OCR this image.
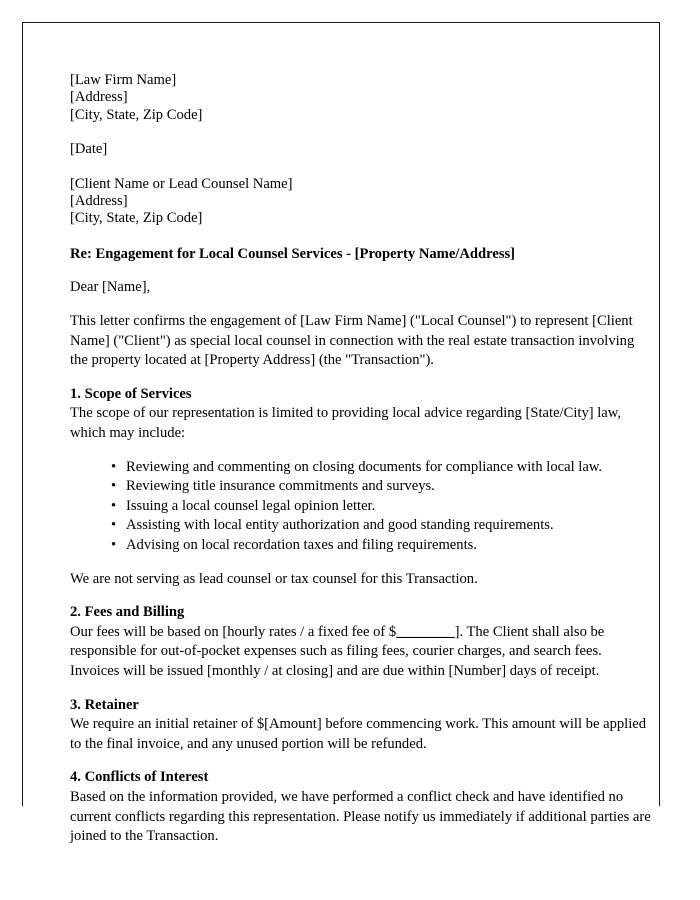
[Law Firm Name]
[Address]
[City, State, Zip Code]
[Date]
[Client Name or Lead Counsel Name]
[Address]
[City, State, Zip Code]
Re: Engagement for Local Counsel Services - [Property Name/Address]
Dear [Name],
This letter confirms the engagement of [Law Firm Name] ("Local Counsel") to represent [Client Name] ("Client") as special local counsel in connection with the real estate transaction involving the property located at [Property Address] (the "Transaction").
1. Scope of Services
The scope of our representation is limited to providing local advice regarding [State/City] law, which may include:
• Reviewing and commenting on closing documents for compliance with local law.
• Reviewing title insurance commitments and surveys.
• Issuing a local counsel legal opinion letter.
• Assisting with local entity authorization and good standing requirements.
• Advising on local recordation taxes and filing requirements.
We are not serving as lead counsel or tax counsel for this Transaction.
2. Fees and Billing
Our fees will be based on [hourly rates / a fixed fee of $________]. The Client shall also be responsible for out-of-pocket expenses such as filing fees, courier charges, and search fees. Invoices will be issued [monthly / at closing] and are due within [Number] days of receipt.
3. Retainer
We require an initial retainer of $[Amount] before commencing work. This amount will be applied to the final invoice, and any unused portion will be refunded.
4. Conflicts of Interest
Based on the information provided, we have performed a conflict check and have identified no current conflicts regarding this representation. Please notify us immediately if additional parties are joined to the Transaction.
